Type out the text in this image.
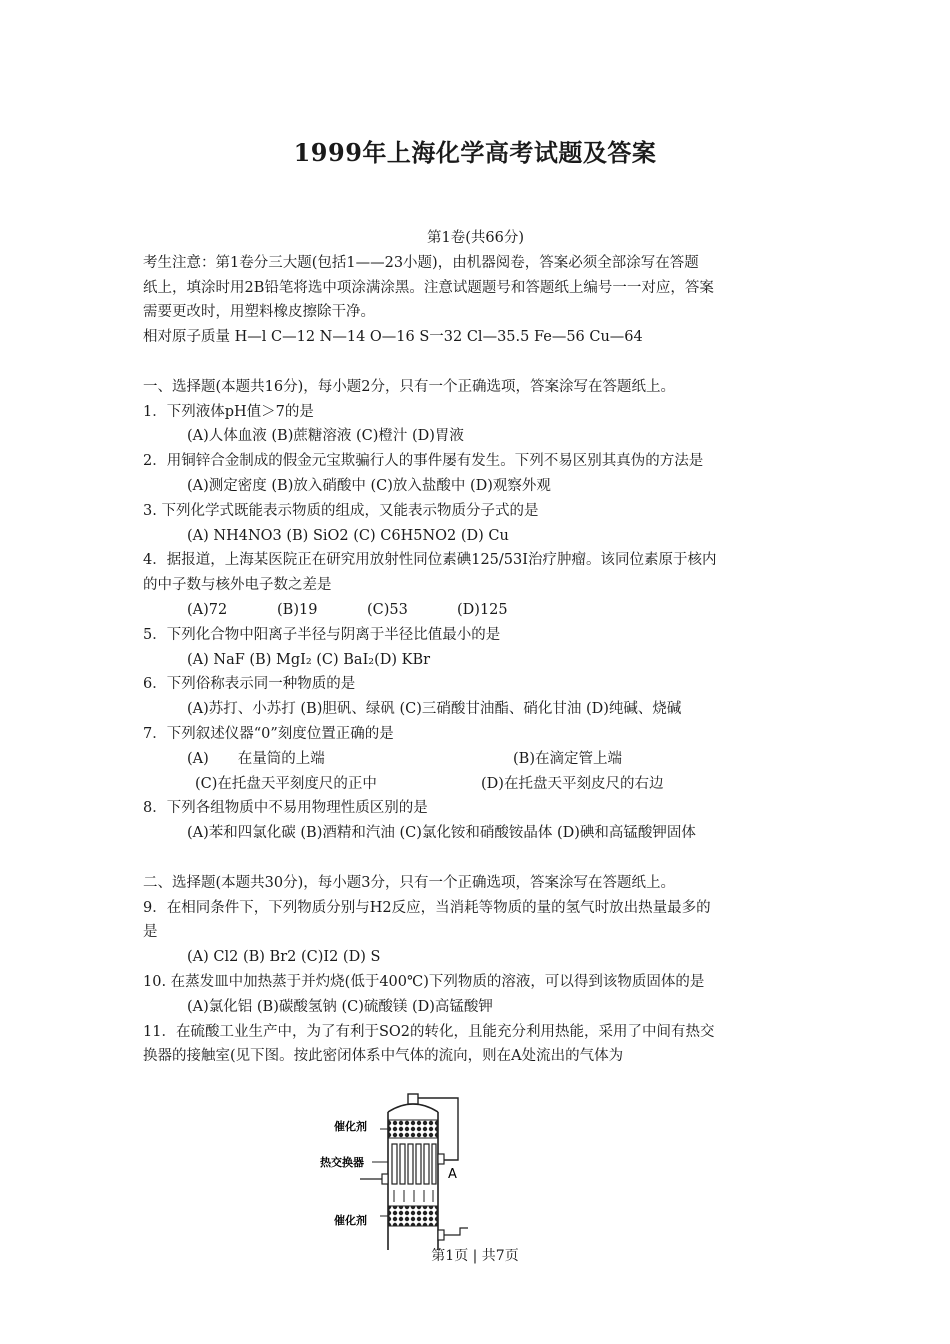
1999年上海化学高考试题及答案

第1卷(共66分)

考生注意：第1卷分三大题(包括1——23小题)，由机器阅卷，答案必须全部涂写在答题

纸上，填涂时用2B铅笔将选中项涂满涂黑。注意试题题号和答题纸上编号一一对应，答案

需要更改时，用塑料橡皮擦除干净。

相对原子质量 H—l C—12 N—14 O—16 S一32 Cl—35.5 Fe—56 Cu—64

一、选择题(本题共16分)，每小题2分，只有一个正确选项，答案涂写在答题纸上。

1．下列液体pH值＞7的是

(A)人体血液 (B)蔗糖溶液 (C)橙汁 (D)胃液

2．用铜锌合金制成的假金元宝欺骗行人的事件屡有发生。下列不易区别其真伪的方法是

(A)测定密度 (B)放入硝酸中 (C)放入盐酸中 (D)观察外观

3. 下列化学式既能表示物质的组成，又能表示物质分子式的是

(A) NH4NO3 (B) SiO2 (C) C6H5NO2 (D) Cu

4．据报道，上海某医院正在研究用放射性同位素碘125/53I治疗肿瘤。该同位素原于核内

的中子数与核外电子数之差是

(A)72	(B)19	(C)53	(D)125

5．下列化合物中阳离子半径与阴离于半径比值最小的是

(A) NaF (B) MgI₂ (C) BaI₂(D) KBr

6．下列俗称表示同一种物质的是

(A)苏打、小苏打 (B)胆矾、绿矾 (C)三硝酸甘油酯、硝化甘油 (D)纯碱、烧碱

7．下列叙述仪器“0”刻度位置正确的是

(A)　　在量筒的上端	(B)在滴定管上端
(C)在托盘天平刻度尺的正中	(D)在托盘天平刻皮尺的右边

8．下列各组物质中不易用物理性质区别的是

(A)苯和四氯化碳 (B)酒精和汽油 (C)氯化铵和硝酸铵晶体 (D)碘和高锰酸钾固体

二、选择题(本题共30分)，每小题3分，只有一个正确选项，答案涂写在答题纸上。

9．在相同条件下，下列物质分别与H2反应，当消耗等物质的量的氢气时放出热量最多的

是

(A) Cl2 (B) Br2 (C)I2 (D) S

10. 在蒸发皿中加热蒸于并灼烧(低于400℃)下列物质的溶液，可以得到该物质固体的是

(A)氯化铝 (B)碳酸氢钠 (C)硫酸镁 (D)高锰酸钾

11．在硫酸工业生产中，为了有利于SO2的转化，且能充分利用热能，采用了中间有热交

换器的接触室(见下图。按此密闭体系中气体的流向，则在A处流出的气体为

催化剂
热交换器
催化剂
A
第1页 | 共7页
